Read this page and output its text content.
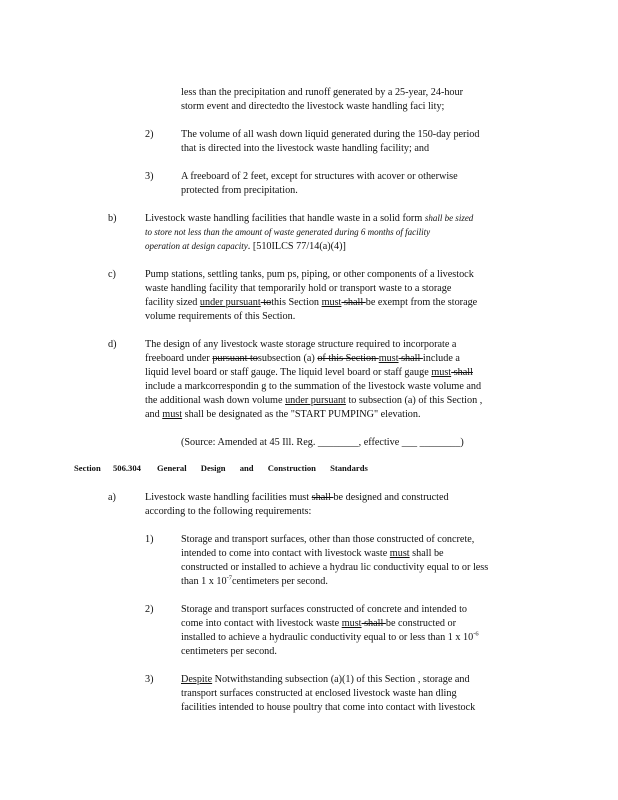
less than the precipitation and runoff generated by a 25-year, 24-hour
storm event and directedto the livestock waste handling faci lity;
2)	The volume of all wash down liquid generated during the 150-day period
that is directed into the livestock waste handling facility; and
3)	A freeboard of 2 feet, except for structures with acover or otherwise
protected from precipitation.
b)	Livestock waste handling facilities that handle waste in a solid form shall be sized
to store not less than the amount of waste generated during 6 months of facility
operation at design capacity. [510ILCS 77/14(a)(4)]
c)	Pump stations, settling tanks, pum ps, piping, or other components of a livestock
waste handling facility that temporarily hold or transport waste to a storage
facility sized under pursuant tothis Section must shall be exempt from the storage
volume requirements of this Section.
d)	The design of any livestock waste storage structure required to incorporate a
freeboard under pursuant tosubsection (a) of this Section must shall include a
liquid level board or staff gauge. The liquid level board or staff gauge must shall
include a markcorrespondin g to the summation of the livestock waste volume and
the additional wash down volume under pursuant to subsection (a) of this Section ,
and must shall be designated as the "START PUMPING" elevation.
(Source: Amended at 45 Ill. Reg. ________, effective ___ ________)
Section 506.304 General Design and Construction Standards
a)	Livestock waste handling facilities must shall be designed and constructed
according to the following requirements:
1)	Storage and transport surfaces, other than those constructed of concrete,
intended to come into contact with livestock waste must shall be
constructed or installed to achieve a hydrau lic conductivity equal to or less
than 1 x $10^{-7}centimeters$ per second.
2)	Storage and transport surfaces constructed of concrete and intended to
come into contact with livestock waste must shall be constructed or
installed to achieve a hydraulic conductivity equal to or less than 1 x $10^{-6}$
centimeters per second.
3)	Despite Notwithstanding subsection (a)(1) of this Section , storage and
transport surfaces constructed at enclosed livestock waste han dling
facilities intended to house poultry that come into contact with livestock
